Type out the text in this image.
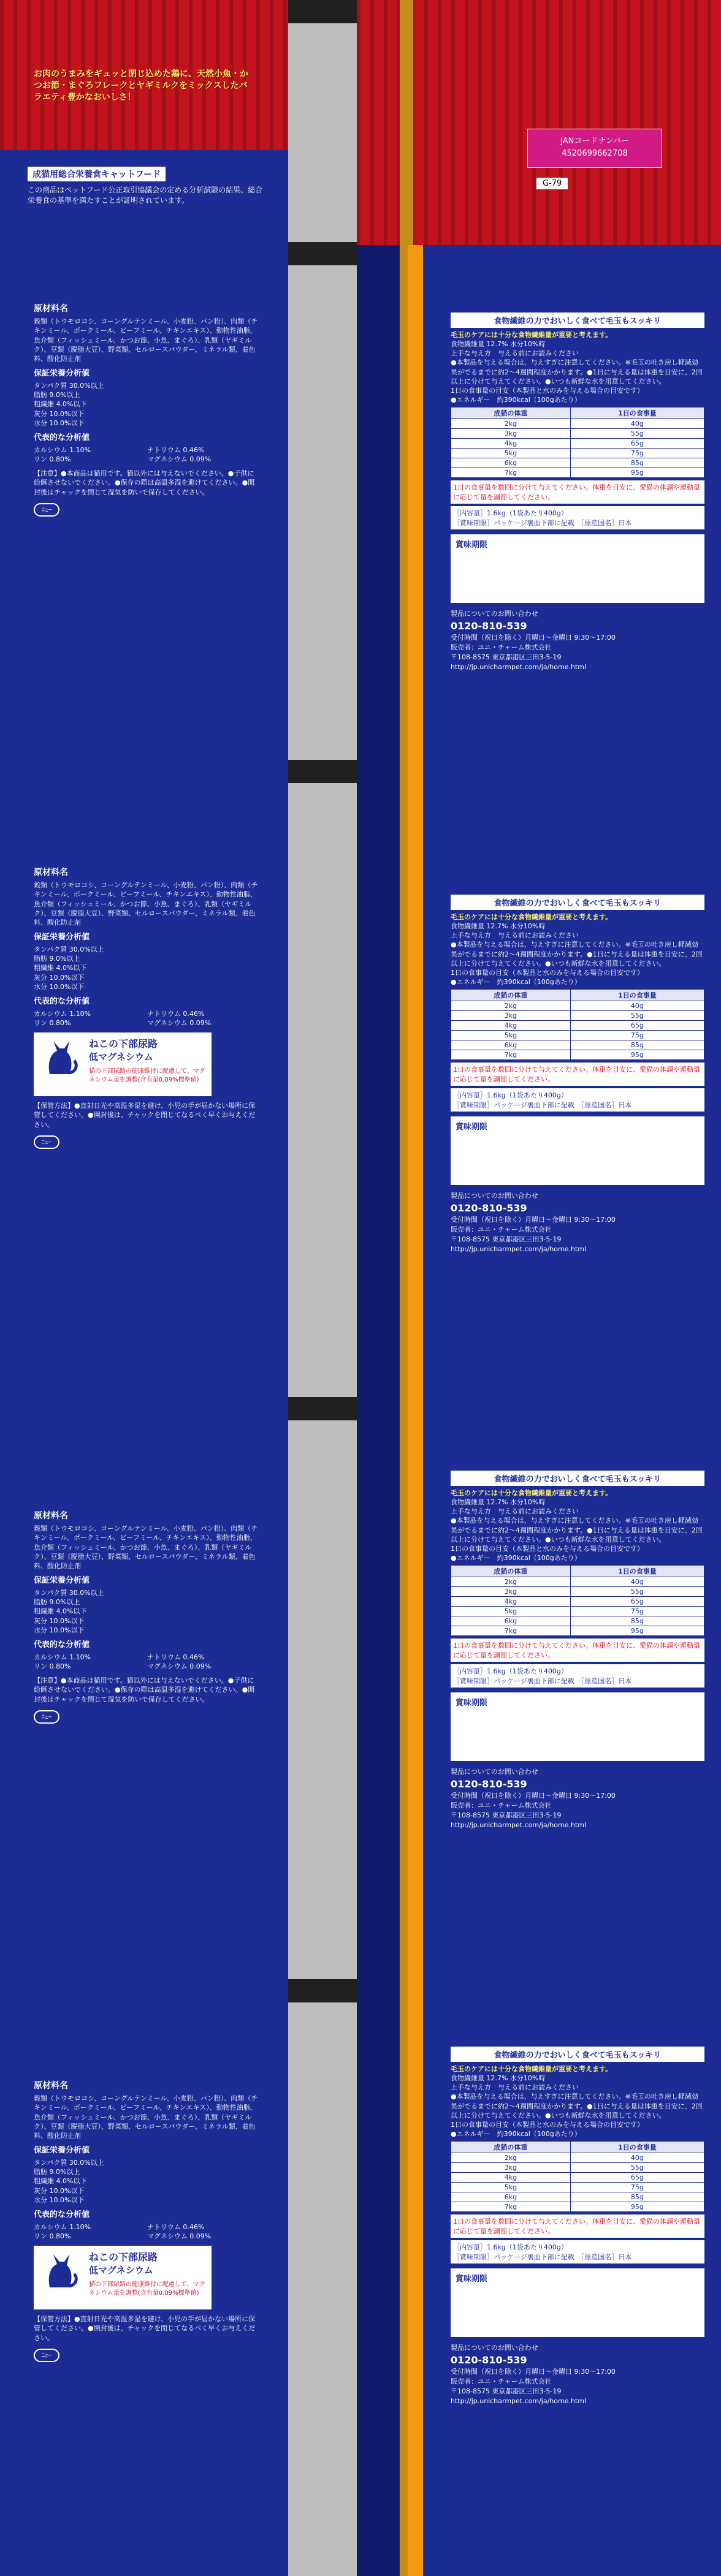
お肉のうまみをギュッと閉じ込めた鶏に、天然小魚・かつお節・まぐろフレークとヤギミルクをミックスしたバラエティ豊かなおいしさ！
成猫用総合栄養食キャットフード
この商品はペットフード公正取引協議会の定める分析試験の結果、総合栄養食の基準を満たすことが証明されています。
JANコードナンバー
4520699662708
G-79
原材料名
穀類（トウモロコシ、コーングルテンミール、小麦粉、パン粉）、肉類（チキンミール、ポークミール、ビーフミール、チキンエキス）、動物性油脂、魚介類（フィッシュミール、かつお節、小魚、まぐろ）、乳類（ヤギミルク）、豆類（脱脂大豆）、野菜類、セルロースパウダー、ミネラル類、着色料、酸化防止剤
保証栄養分析値
タンパク質 30.0%以上
脂肪 9.0%以上
粗繊維 4.0%以下
灰分 10.0%以下
水分 10.0%以下
代表的な分析値
カルシウム 1.10%	ナトリウム 0.46%
リン 0.80%	マグネシウム 0.09%
【注意】●本商品は猫用です。猫以外には与えないでください。●子供に給餌させないでください。●保存の際は高温多湿を避けてください。●開封後はチャックを閉じて湿気を防いで保存してください。
ﾆｭｰ
原材料名
穀類（トウモロコシ、コーングルテンミール、小麦粉、パン粉）、肉類（チキンミール、ポークミール、ビーフミール、チキンエキス）、動物性油脂、魚介類（フィッシュミール、かつお節、小魚、まぐろ）、乳類（ヤギミルク）、豆類（脱脂大豆）、野菜類、セルロースパウダー、ミネラル類、着色料、酸化防止剤
保証栄養分析値
タンパク質 30.0%以上
脂肪 9.0%以上
粗繊維 4.0%以下
灰分 10.0%以下
水分 10.0%以下
代表的な分析値
カルシウム 1.10%	ナトリウム 0.46%
リン 0.80%	マグネシウム 0.09%
ねこの下部尿路
低マグネシウム
猫の下部尿路の健康維持に配慮して、マグネシウム量を調整(含有量0.09%標準値)
【保管方法】●直射日光や高温多湿を避け、小児の手が届かない場所に保管してください。●開封後は、チャックを閉じてなるべく早くお与えください。
ﾆｭｰ
原材料名
穀類（トウモロコシ、コーングルテンミール、小麦粉、パン粉）、肉類（チキンミール、ポークミール、ビーフミール、チキンエキス）、動物性油脂、魚介類（フィッシュミール、かつお節、小魚、まぐろ）、乳類（ヤギミルク）、豆類（脱脂大豆）、野菜類、セルロースパウダー、ミネラル類、着色料、酸化防止剤
保証栄養分析値
タンパク質 30.0%以上
脂肪 9.0%以上
粗繊維 4.0%以下
灰分 10.0%以下
水分 10.0%以下
代表的な分析値
カルシウム 1.10%	ナトリウム 0.46%
リン 0.80%	マグネシウム 0.09%
【注意】●本商品は猫用です。猫以外には与えないでください。●子供に給餌させないでください。●保存の際は高温多湿を避けてください。●開封後はチャックを閉じて湿気を防いで保存してください。
ﾆｭｰ
原材料名
穀類（トウモロコシ、コーングルテンミール、小麦粉、パン粉）、肉類（チキンミール、ポークミール、ビーフミール、チキンエキス）、動物性油脂、魚介類（フィッシュミール、かつお節、小魚、まぐろ）、乳類（ヤギミルク）、豆類（脱脂大豆）、野菜類、セルロースパウダー、ミネラル類、着色料、酸化防止剤
保証栄養分析値
タンパク質 30.0%以上
脂肪 9.0%以上
粗繊維 4.0%以下
灰分 10.0%以下
水分 10.0%以下
代表的な分析値
カルシウム 1.10%	ナトリウム 0.46%
リン 0.80%	マグネシウム 0.09%
ねこの下部尿路
低マグネシウム
猫の下部尿路の健康維持に配慮して、マグネシウム量を調整(含有量0.09%標準値)
【保管方法】●直射日光や高温多湿を避け、小児の手が届かない場所に保管してください。●開封後は、チャックを閉じてなるべく早くお与えください。
ﾆｭｰ
食物繊維の力でおいしく食べて毛玉もスッキリ
毛玉のケアには十分な食物繊維量が重要と考えます。
食物繊維量 12.7% 水分10%時
上手な与え方　与える前にお読みください
●本製品を与える場合は、与えすぎに注意してください。※毛玉の吐き戻し軽減効果がでるまでに約2〜4週間程度かかります。●1日に与える量は体重を目安に、2回以上に分けて与えてください。●いつも新鮮な水を用意してください。
1日の食事量の目安（本製品と水のみを与える場合の目安です）
●エネルギー　約390kcal（100gあたり）
成猫の体重	1日の食事量
2kg	40g
3kg	55g
4kg	65g
5kg	75g
6kg	85g
7kg	95g
1日の食事量を数回に分けて与えてください。体重を目安に、愛猫の体調や運動量に応じて量を調節してください。
［内容量］1.6kg（1袋あたり400g）
［賞味期限］パッケージ裏面下部に記載　［原産国名］日本
賞味期限
製品についてのお問い合わせ
0120-810-539
受付時間（祝日を除く）月曜日〜金曜日 9:30〜17:00
販売者：ユニ・チャーム株式会社
〒108-8575 東京都港区三田3-5-19
http://jp.unicharmpet.com/ja/home.html
食物繊維の力でおいしく食べて毛玉もスッキリ
毛玉のケアには十分な食物繊維量が重要と考えます。
食物繊維量 12.7% 水分10%時
上手な与え方　与える前にお読みください
●本製品を与える場合は、与えすぎに注意してください。※毛玉の吐き戻し軽減効果がでるまでに約2〜4週間程度かかります。●1日に与える量は体重を目安に、2回以上に分けて与えてください。●いつも新鮮な水を用意してください。
1日の食事量の目安（本製品と水のみを与える場合の目安です）
●エネルギー　約390kcal（100gあたり）
成猫の体重	1日の食事量
2kg	40g
3kg	55g
4kg	65g
5kg	75g
6kg	85g
7kg	95g
1日の食事量を数回に分けて与えてください。体重を目安に、愛猫の体調や運動量に応じて量を調節してください。
［内容量］1.6kg（1袋あたり400g）
［賞味期限］パッケージ裏面下部に記載　［原産国名］日本
賞味期限
製品についてのお問い合わせ
0120-810-539
受付時間（祝日を除く）月曜日〜金曜日 9:30〜17:00
販売者：ユニ・チャーム株式会社
〒108-8575 東京都港区三田3-5-19
http://jp.unicharmpet.com/ja/home.html
食物繊維の力でおいしく食べて毛玉もスッキリ
毛玉のケアには十分な食物繊維量が重要と考えます。
食物繊維量 12.7% 水分10%時
上手な与え方　与える前にお読みください
●本製品を与える場合は、与えすぎに注意してください。※毛玉の吐き戻し軽減効果がでるまでに約2〜4週間程度かかります。●1日に与える量は体重を目安に、2回以上に分けて与えてください。●いつも新鮮な水を用意してください。
1日の食事量の目安（本製品と水のみを与える場合の目安です）
●エネルギー　約390kcal（100gあたり）
成猫の体重	1日の食事量
2kg	40g
3kg	55g
4kg	65g
5kg	75g
6kg	85g
7kg	95g
1日の食事量を数回に分けて与えてください。体重を目安に、愛猫の体調や運動量に応じて量を調節してください。
［内容量］1.6kg（1袋あたり400g）
［賞味期限］パッケージ裏面下部に記載　［原産国名］日本
賞味期限
製品についてのお問い合わせ
0120-810-539
受付時間（祝日を除く）月曜日〜金曜日 9:30〜17:00
販売者：ユニ・チャーム株式会社
〒108-8575 東京都港区三田3-5-19
http://jp.unicharmpet.com/ja/home.html
食物繊維の力でおいしく食べて毛玉もスッキリ
毛玉のケアには十分な食物繊維量が重要と考えます。
食物繊維量 12.7% 水分10%時
上手な与え方　与える前にお読みください
●本製品を与える場合は、与えすぎに注意してください。※毛玉の吐き戻し軽減効果がでるまでに約2〜4週間程度かかります。●1日に与える量は体重を目安に、2回以上に分けて与えてください。●いつも新鮮な水を用意してください。
1日の食事量の目安（本製品と水のみを与える場合の目安です）
●エネルギー　約390kcal（100gあたり）
成猫の体重	1日の食事量
2kg	40g
3kg	55g
4kg	65g
5kg	75g
6kg	85g
7kg	95g
1日の食事量を数回に分けて与えてください。体重を目安に、愛猫の体調や運動量に応じて量を調節してください。
［内容量］1.6kg（1袋あたり400g）
［賞味期限］パッケージ裏面下部に記載　［原産国名］日本
賞味期限
製品についてのお問い合わせ
0120-810-539
受付時間（祝日を除く）月曜日〜金曜日 9:30〜17:00
販売者：ユニ・チャーム株式会社
〒108-8575 東京都港区三田3-5-19
http://jp.unicharmpet.com/ja/home.html
